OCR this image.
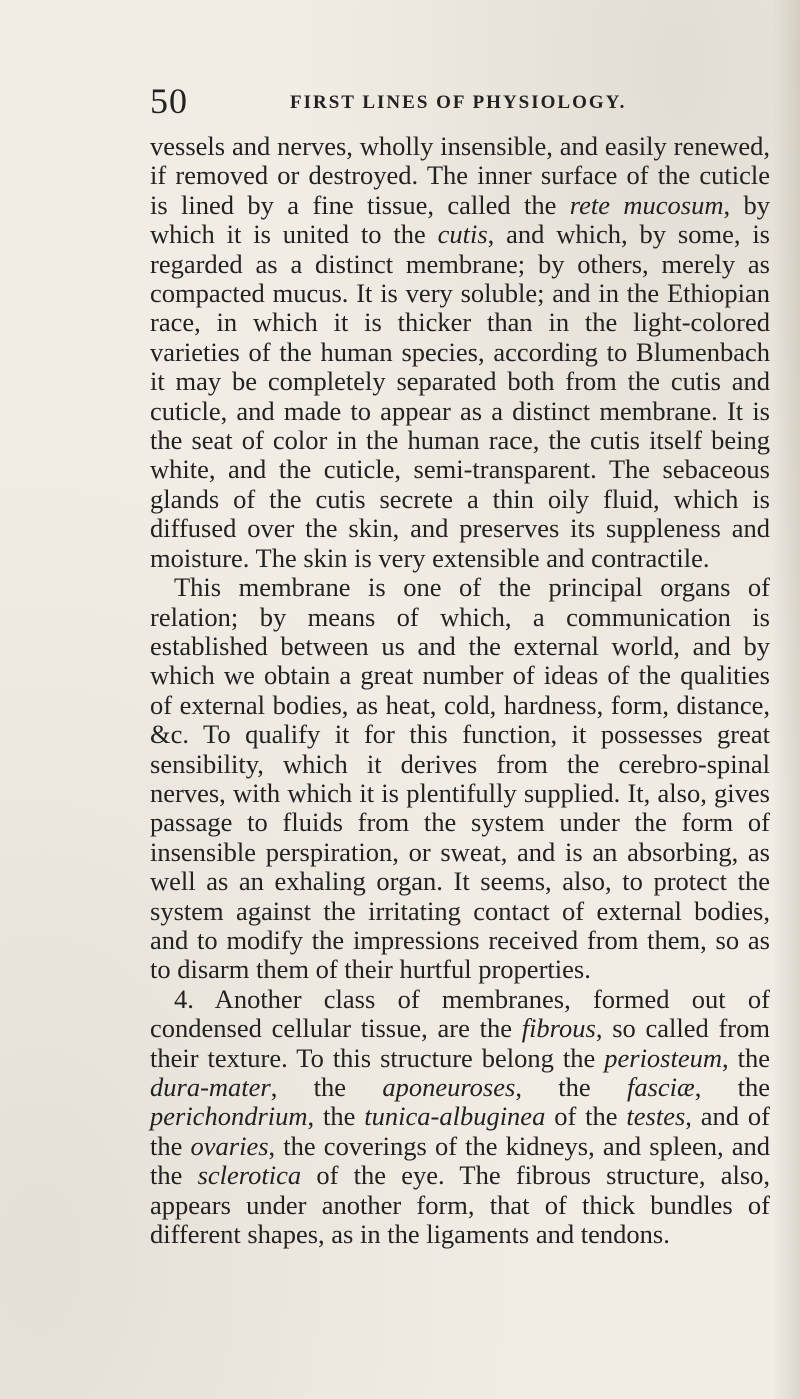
50	FIRST LINES OF PHYSIOLOGY.

vessels and nerves, wholly insensible, and easily renewed, if removed or destroyed. The inner surface of the cuticle is lined by a fine tissue, called the rete mucosum, by which it is united to the cutis, and which, by some, is regarded as a distinct membrane; by others, merely as compacted mucus. It is very soluble; and in the Ethiopian race, in which it is thicker than in the light-colored varieties of the human species, according to Blumenbach it may be completely separated both from the cutis and cuticle, and made to appear as a distinct membrane. It is the seat of color in the human race, the cutis itself being white, and the cuticle, semi-transparent. The sebaceous glands of the cutis secrete a thin oily fluid, which is diffused over the skin, and preserves its suppleness and moisture. The skin is very extensible and contractile.

This membrane is one of the principal organs of relation; by means of which, a communication is established between us and the external world, and by which we obtain a great number of ideas of the qualities of external bodies, as heat, cold, hardness, form, distance, &c. To qualify it for this function, it possesses great sensibility, which it derives from the cerebro-spinal nerves, with which it is plentifully supplied. It, also, gives passage to fluids from the system under the form of insensible perspiration, or sweat, and is an absorbing, as well as an exhaling organ. It seems, also, to protect the system against the irritating contact of external bodies, and to modify the impressions received from them, so as to disarm them of their hurtful properties.

4. Another class of membranes, formed out of condensed cellular tissue, are the fibrous, so called from their texture. To this structure belong the periosteum, the dura-mater, the aponeuroses, the fasciæ, the perichondrium, the tunica-albuginea of the testes, and of the ovaries, the coverings of the kidneys, and spleen, and the sclerotica of the eye. The fibrous structure, also, appears under another form, that of thick bundles of different shapes, as in the ligaments and tendons.
